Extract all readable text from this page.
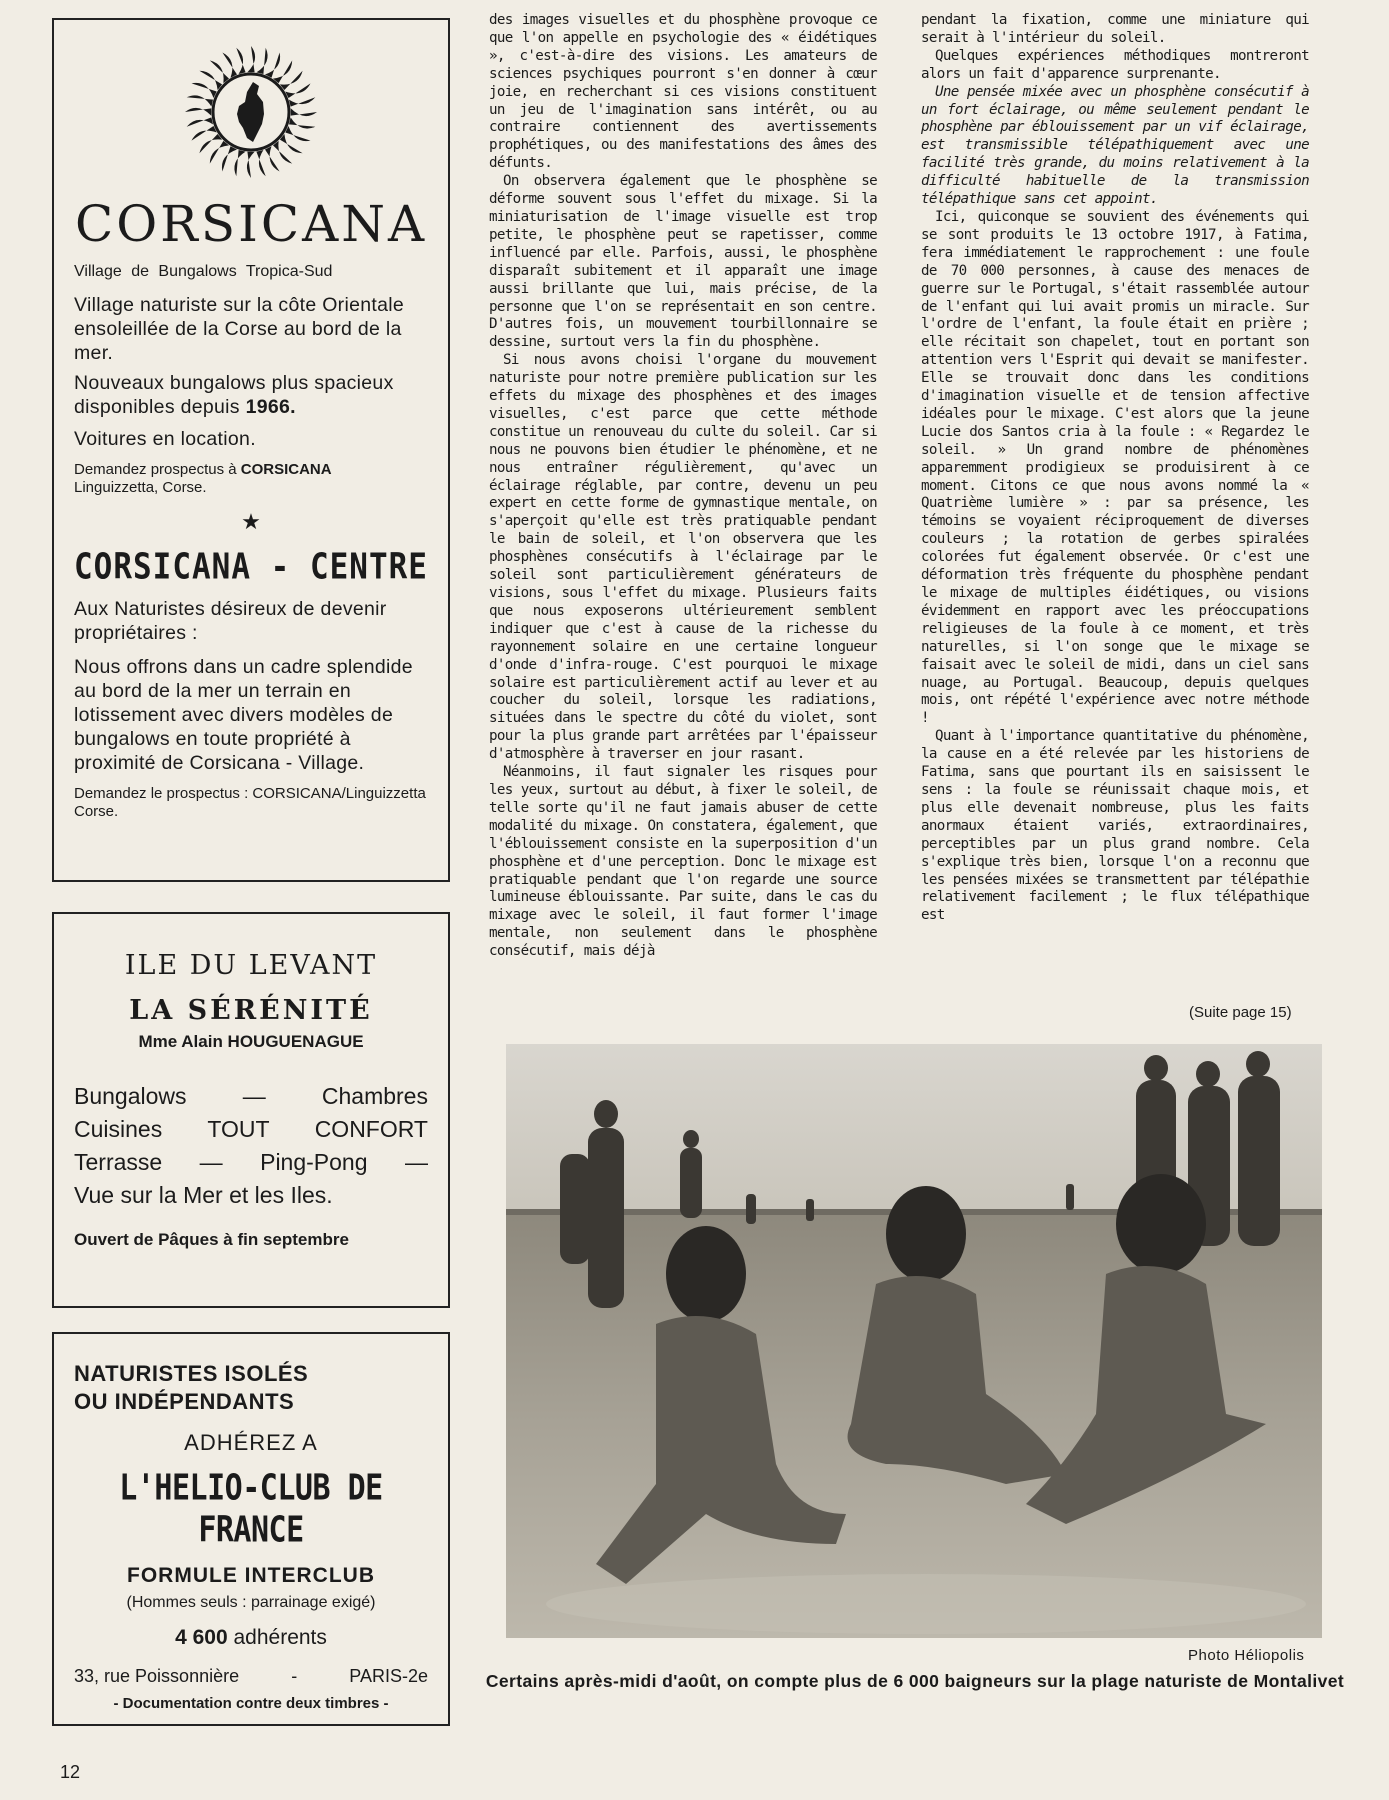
CORSICANA
Village de Bungalows Tropica-Sud
Village naturiste sur la côte Orientale ensoleillée de la Corse au bord de la mer.
Nouveaux bungalows plus spacieux disponibles depuis 1966.
Voitures en location.
Demandez prospectus à CORSICANA
Linguizzetta, Corse.
★
CORSICANA - CENTRE
Aux Naturistes désireux de devenir propriétaires :
Nous offrons dans un cadre splendide au bord de la mer un terrain en lotissement avec divers modèles de bungalows en toute propriété à proximité de Corsicana - Village.
Demandez le prospectus : CORSICANA/Linguizzetta Corse.
ILE DU LEVANT
LA SÉRÉNITÉ
Mme Alain HOUGUENAGUE
Bungalows — Chambres
Cuisines TOUT CONFORT
Terrasse — Ping-Pong —
Vue sur la Mer et les Iles.
Ouvert de Pâques à fin septembre
NATURISTES ISOLÉS
OU INDÉPENDANTS
ADHÉREZ A
L'HELIO-CLUB DE FRANCE
FORMULE INTERCLUB
(Hommes seuls : parrainage exigé)
4 600 adhérents
33, rue Poissonnière	-	PARIS-2e
- Documentation contre deux timbres -

des images visuelles et du phosphène provoque ce que l'on appelle en psychologie des « éidétiques », c'est-à-dire des visions. Les amateurs de sciences psychiques pourront s'en donner à cœur joie, en recherchant si ces visions constituent un jeu de l'imagination sans intérêt, ou au contraire contiennent des avertissements prophétiques, ou des manifestations des âmes des défunts.

On observera également que le phosphène se déforme souvent sous l'effet du mixage. Si la miniaturisation de l'image visuelle est trop petite, le phosphène peut se rapetisser, comme influencé par elle. Parfois, aussi, le phosphène disparaît subitement et il apparaît une image aussi brillante que lui, mais précise, de la personne que l'on se représentait en son centre. D'autres fois, un mouvement tourbillonnaire se dessine, surtout vers la fin du phosphène.

Si nous avons choisi l'organe du mouvement naturiste pour notre première publication sur les effets du mixage des phosphènes et des images visuelles, c'est parce que cette méthode constitue un renouveau du culte du soleil. Car si nous ne pouvons bien étudier le phénomène, et ne nous entraîner régulièrement, qu'avec un éclairage réglable, par contre, devenu un peu expert en cette forme de gymnastique mentale, on s'aperçoit qu'elle est très pratiquable pendant le bain de soleil, et l'on observera que les phosphènes consécutifs à l'éclairage par le soleil sont particulièrement générateurs de visions, sous l'effet du mixage. Plusieurs faits que nous exposerons ultérieurement semblent indiquer que c'est à cause de la richesse du rayonnement solaire en une certaine longueur d'onde d'infra-rouge. C'est pourquoi le mixage solaire est particulièrement actif au lever et au coucher du soleil, lorsque les radiations, situées dans le spectre du côté du violet, sont pour la plus grande part arrêtées par l'épaisseur d'atmosphère à traverser en jour rasant.

Néanmoins, il faut signaler les risques pour les yeux, surtout au début, à fixer le soleil, de telle sorte qu'il ne faut jamais abuser de cette modalité du mixage. On constatera, également, que l'éblouissement consiste en la superposition d'un phosphène et d'une perception. Donc le mixage est pratiquable pendant que l'on regarde une source lumineuse éblouissante. Par suite, dans le cas du mixage avec le soleil, il faut former l'image mentale, non seulement dans le phosphène consécutif, mais déjà

pendant la fixation, comme une miniature qui serait à l'intérieur du soleil.

Quelques expériences méthodiques montreront alors un fait d'apparence surprenante.

Une pensée mixée avec un phosphène consécutif à un fort éclairage, ou même seulement pendant le phosphène par éblouissement par un vif éclairage, est transmissible télépathiquement avec une facilité très grande, du moins relativement à la difficulté habituelle de la transmission télépathique sans cet appoint.

Ici, quiconque se souvient des événements qui se sont produits le 13 octobre 1917, à Fatima, fera immédiatement le rapprochement : une foule de 70 000 personnes, à cause des menaces de guerre sur le Portugal, s'était rassemblée autour de l'enfant qui lui avait promis un miracle. Sur l'ordre de l'enfant, la foule était en prière ; elle récitait son chapelet, tout en portant son attention vers l'Esprit qui devait se manifester. Elle se trouvait donc dans les conditions d'imagination visuelle et de tension affective idéales pour le mixage. C'est alors que la jeune Lucie dos Santos cria à la foule : « Regardez le soleil. » Un grand nombre de phénomènes apparemment prodigieux se produisirent à ce moment. Citons ce que nous avons nommé la « Quatrième lumière » : par sa présence, les témoins se voyaient réciproquement de diverses couleurs ; la rotation de gerbes spiralées colorées fut également observée. Or c'est une déformation très fréquente du phosphène pendant le mixage de multiples éidétiques, ou visions évidemment en rapport avec les préoccupations religieuses de la foule à ce moment, et très naturelles, si l'on songe que le mixage se faisait avec le soleil de midi, dans un ciel sans nuage, au Portugal. Beaucoup, depuis quelques mois, ont répété l'expérience avec notre méthode !

Quant à l'importance quantitative du phénomène, la cause en a été relevée par les historiens de Fatima, sans que pourtant ils en saisissent le sens : la foule se réunissait chaque mois, et plus elle devenait nombreuse, plus les faits anormaux étaient variés, extraordinaires, perceptibles par un plus grand nombre. Cela s'explique très bien, lorsque l'on a reconnu que les pensées mixées se transmettent par télépathie relativement facilement ; le flux télépathique est

(Suite page 15)
Photo Héliopolis
Certains après-midi d'août, on compte plus de 6 000 baigneurs sur la plage naturiste de Montalivet
12
